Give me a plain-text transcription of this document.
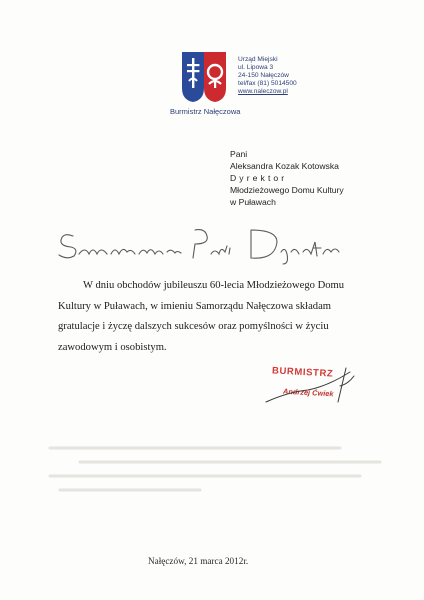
Burmistrz Nałęczowa
Urząd Miejski
ul. Lipowa 3
24-150 Nałęczów
tel/fax (81) 5014500
www.naleczow.pl
Pani
Aleksandra Kozak Kotowska
Dyrektor
Młodzieżowego Domu Kultury
w Puławach
W dniu obchodów jubileuszu 60-lecia Młodzieżowego Domu
Kultury w Puławach, w imieniu Samorządu Nałęczowa składam
gratulacje i życzę dalszych sukcesów oraz pomyślności w życiu
zawodowym i osobistym.
BURMISTRZ
Andrzej Ćwiek
Nałęczów, 21 marca 2012r.
